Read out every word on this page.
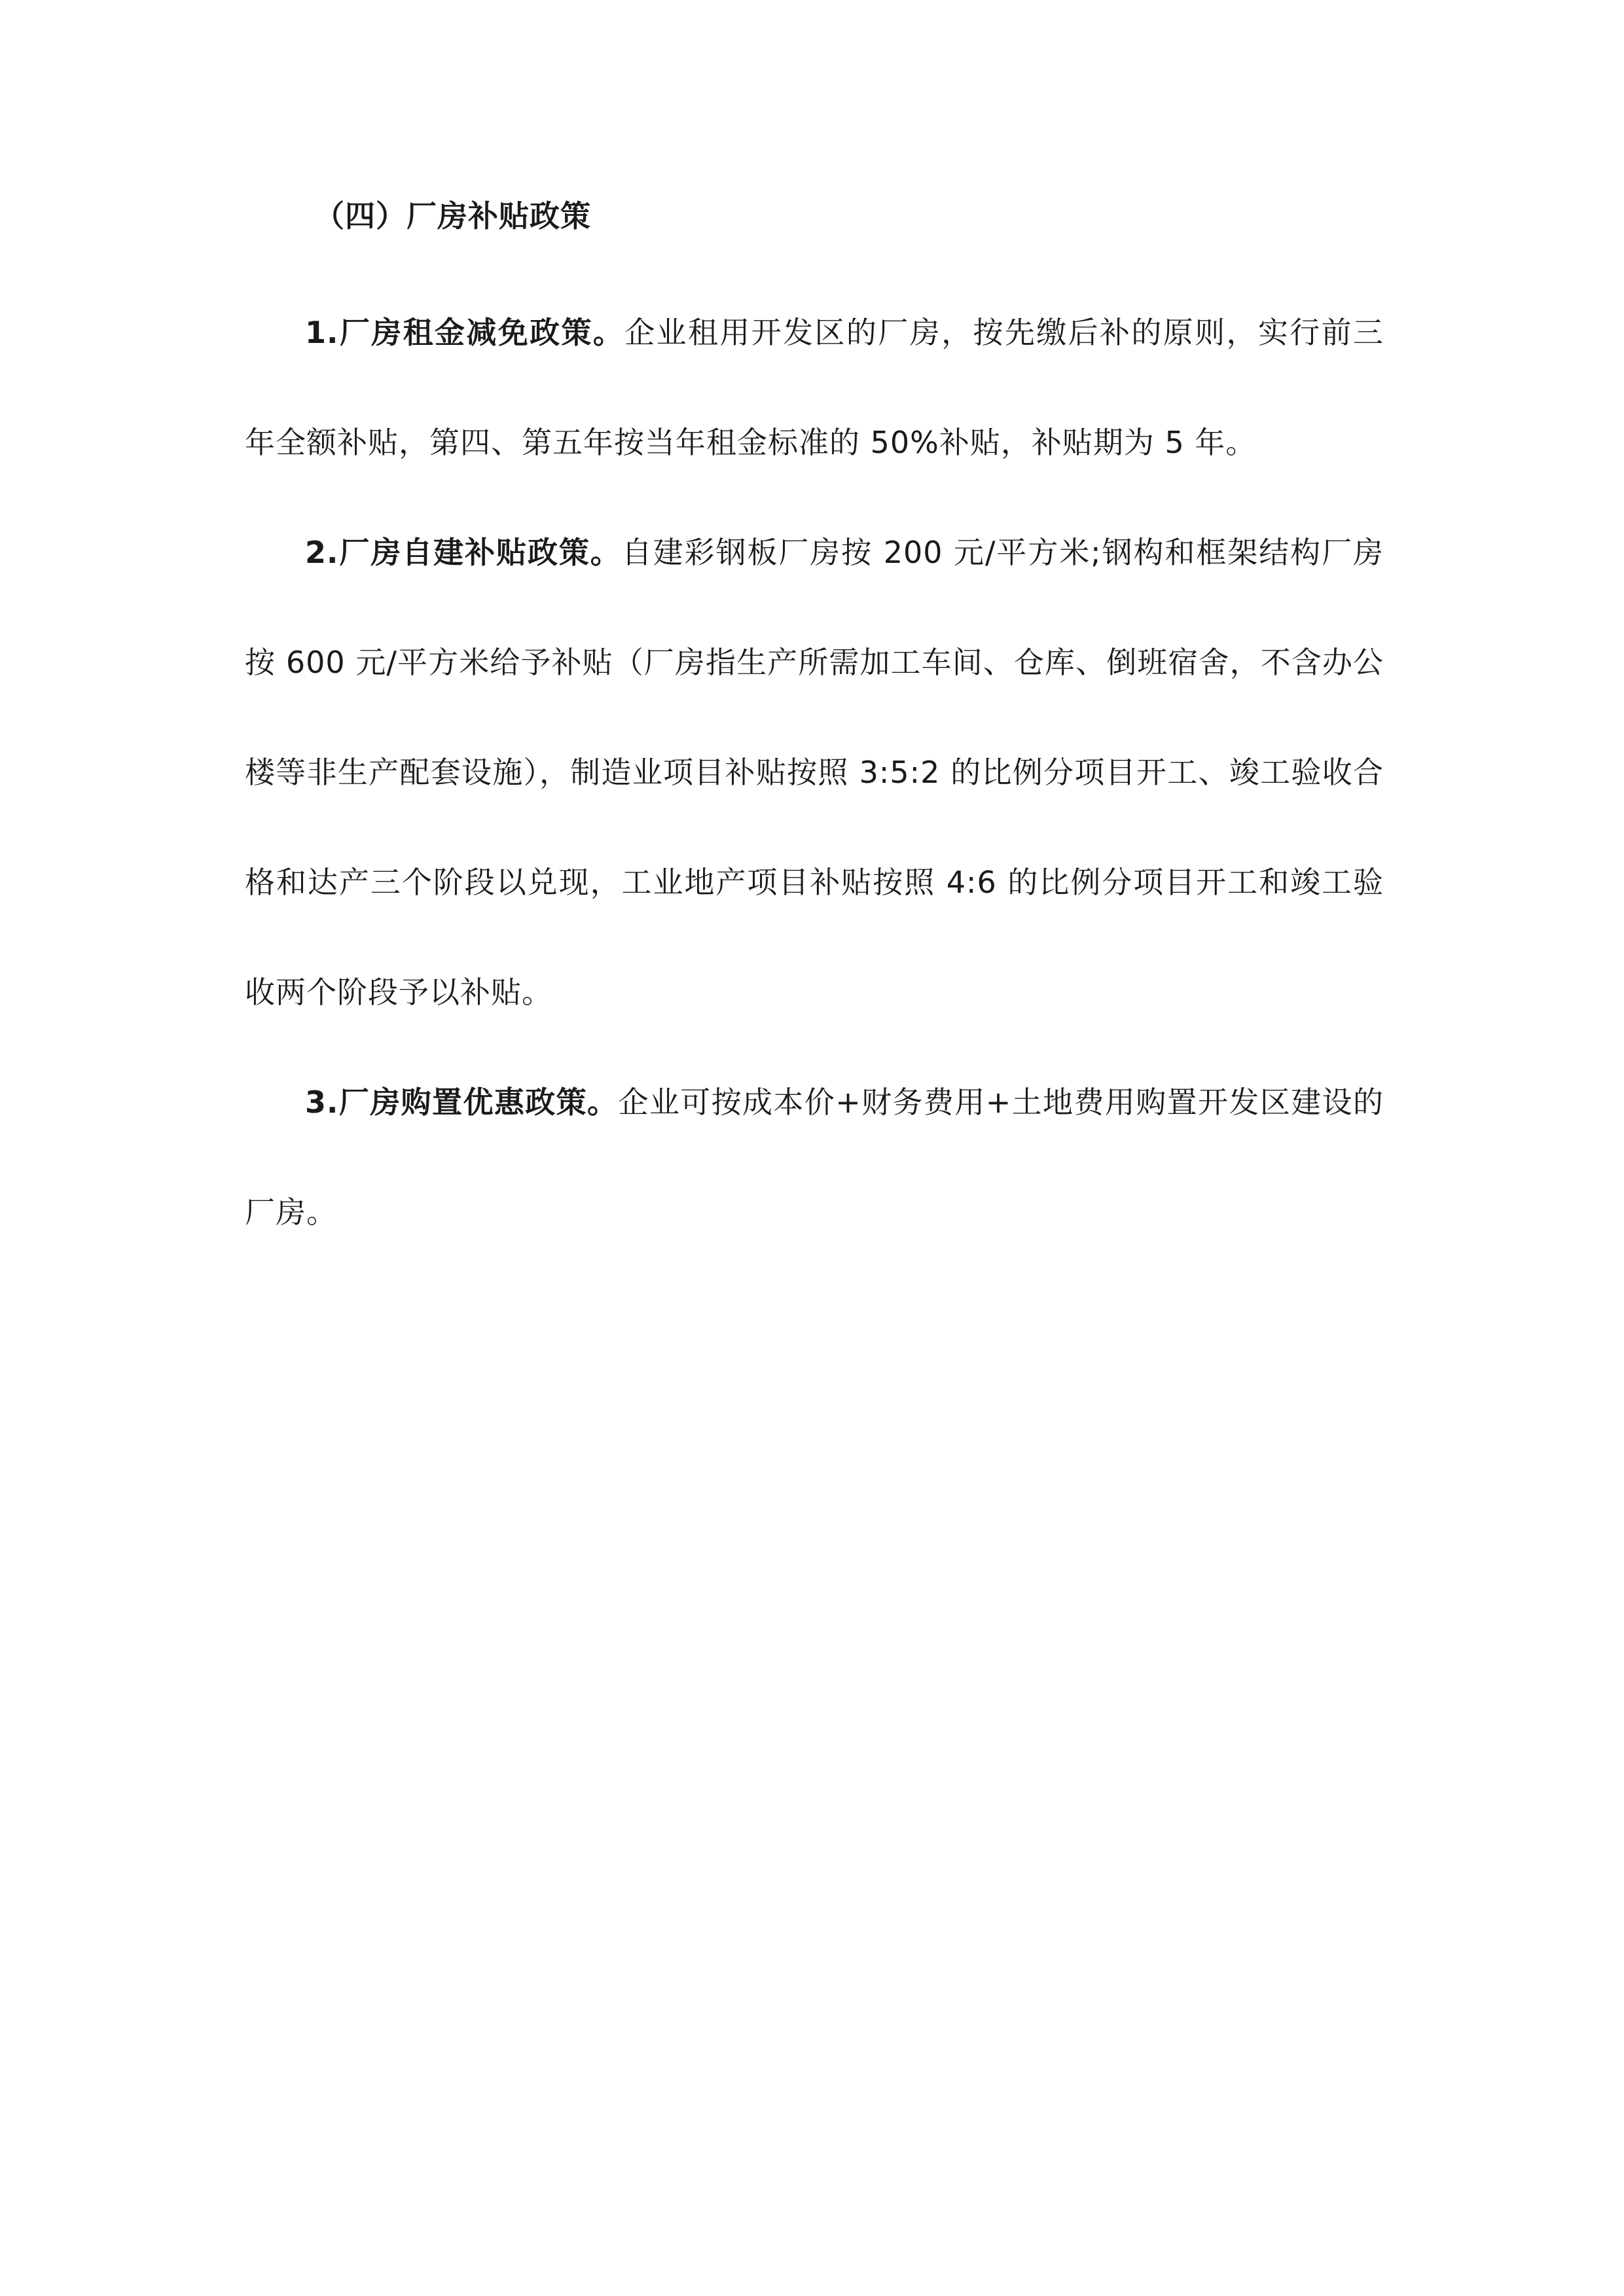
（四）厂房补贴政策

1.厂房租金减免政策。企业租用开发区的厂房，按先缴后补的原则，实行前三年全额补贴，第四、第五年按当年租金标准的 50%补贴，补贴期为 5 年。

2.厂房自建补贴政策。自建彩钢板厂房按 200 元/平方米;钢构和框架结构厂房按 600 元/平方米给予补贴（厂房指生产所需加工车间、仓库、倒班宿舍，不含办公楼等非生产配套设施），制造业项目补贴按照 3:5:2 的比例分项目开工、竣工验收合格和达产三个阶段以兑现，工业地产项目补贴按照 4:6 的比例分项目开工和竣工验收两个阶段予以补贴。

3.厂房购置优惠政策。企业可按成本价+财务费用+土地费用购置开发区建设的厂房。
